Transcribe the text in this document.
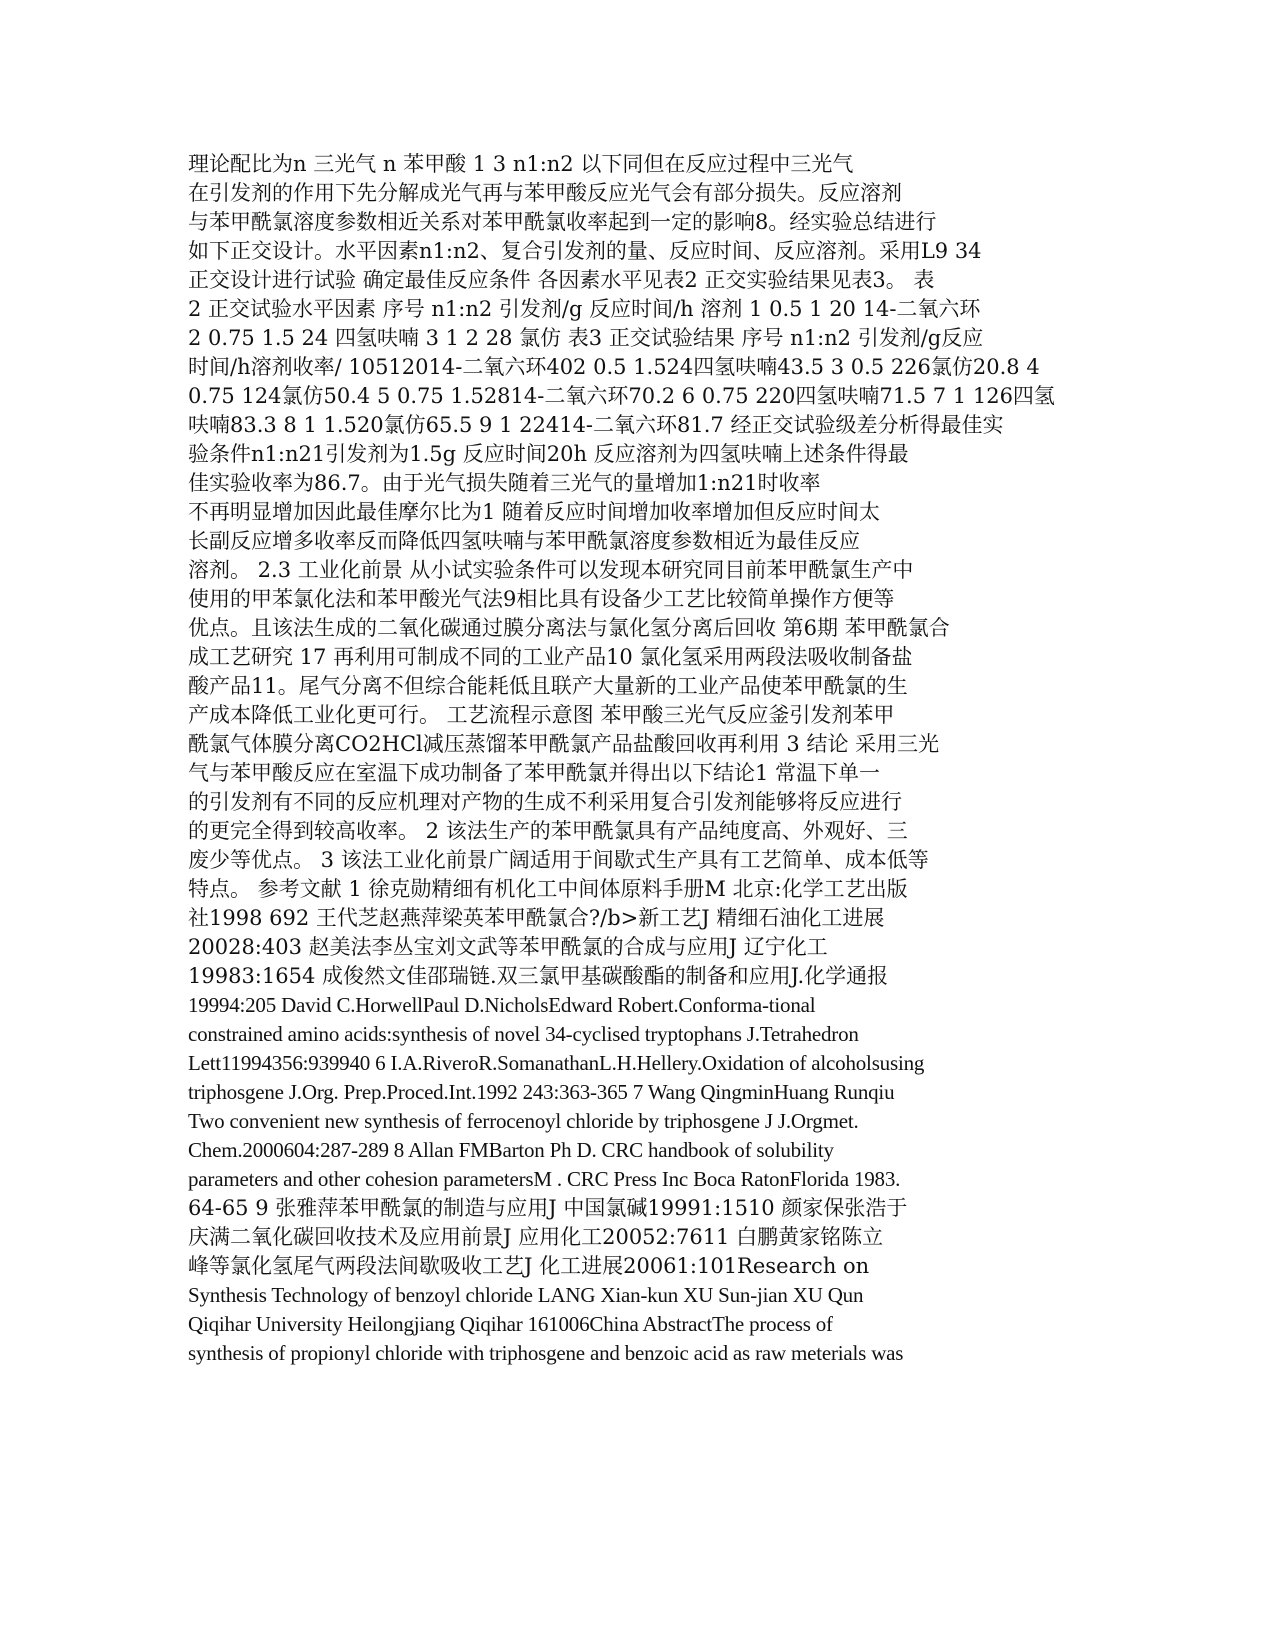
理论配比为n 三光气 n 苯甲酸 1 3 n1:n2 以下同但在反应过程中三光气
在引发剂的作用下先分解成光气再与苯甲酸反应光气会有部分损失。反应溶剂
与苯甲酰氯溶度参数相近关系对苯甲酰氯收率起到一定的影响8。经实验总结进行
如下正交设计。水平因素n1:n2、复合引发剂的量、反应时间、反应溶剂。采用L9 34
正交设计进行试验 确定最佳反应条件 各因素水平见表2 正交实验结果见表3。 表
2 正交试验水平因素 序号 n1:n2 引发剂/g 反应时间/h 溶剂 1 0.5 1 20 14-二氧六环
2 0.75 1.5 24 四氢呋喃 3 1 2 28 氯仿 表3 正交试验结果 序号 n1:n2 引发剂/g反应
时间/h溶剂收率/ 10512014-二氧六环402 0.5 1.524四氢呋喃43.5 3 0.5 226氯仿20.8 4
0.75 124氯仿50.4 5 0.75 1.52814-二氧六环70.2 6 0.75 220四氢呋喃71.5 7 1 126四氢
呋喃83.3 8 1 1.520氯仿65.5 9 1 22414-二氧六环81.7 经正交试验级差分析得最佳实
验条件n1:n21引发剂为1.5g 反应时间20h 反应溶剂为四氢呋喃上述条件得最
佳实验收率为86.7。由于光气损失随着三光气的量增加1:n21时收率
不再明显增加因此最佳摩尔比为1 随着反应时间增加收率增加但反应时间太
长副反应增多收率反而降低四氢呋喃与苯甲酰氯溶度参数相近为最佳反应
溶剂。 2.3 工业化前景 从小试实验条件可以发现本研究同目前苯甲酰氯生产中
使用的甲苯氯化法和苯甲酸光气法9相比具有设备少工艺比较简单操作方便等
优点。且该法生成的二氧化碳通过膜分离法与氯化氢分离后回收 第6期 苯甲酰氯合
成工艺研究 17 再利用可制成不同的工业产品10 氯化氢采用两段法吸收制备盐
酸产品11。尾气分离不但综合能耗低且联产大量新的工业产品使苯甲酰氯的生
产成本降低工业化更可行。 工艺流程示意图 苯甲酸三光气反应釜引发剂苯甲
酰氯气体膜分离CO2HCl减压蒸馏苯甲酰氯产品盐酸回收再利用 3 结论 采用三光
气与苯甲酸反应在室温下成功制备了苯甲酰氯并得出以下结论1 常温下单一
的引发剂有不同的反应机理对产物的生成不利采用复合引发剂能够将反应进行
的更完全得到较高收率。 2 该法生产的苯甲酰氯具有产品纯度高、外观好、三
废少等优点。 3 该法工业化前景广阔适用于间歇式生产具有工艺简单、成本低等
特点。 参考文献 1 徐克勋精细有机化工中间体原料手册M 北京:化学工艺出版
社1998 692 王代芝赵燕萍梁英苯甲酰氯合?/b>新工艺J 精细石油化工进展
20028:403 赵美法李丛宝刘文武等苯甲酰氯的合成与应用J 辽宁化工
19983:1654 成俊然文佳邵瑞链.双三氯甲基碳酸酯的制备和应用J.化学通报
19994:205 David C.HorwellPaul D.NicholsEdward Robert.Conforma-tional
constrained amino acids:synthesis of novel 34-cyclised tryptophans J.Tetrahedron
Lett11994356:939940 6 I.A.RiveroR.SomanathanL.H.Hellery.Oxidation of alcoholsusing
triphosgene J.Org. Prep.Proced.Int.1992 243:363-365 7 Wang QingminHuang Runqiu
Two convenient new synthesis of ferrocenoyl chloride by triphosgene J J.Orgmet.
Chem.2000604:287-289 8 Allan FMBarton Ph D. CRC handbook of solubility
parameters and other cohesion parametersM . CRC Press Inc Boca RatonFlorida 1983.
64-65 9 张雅萍苯甲酰氯的制造与应用J 中国氯碱19991:1510 颜家保张浩于
庆满二氧化碳回收技术及应用前景J 应用化工20052:7611 白鹏黄家铭陈立
峰等氯化氢尾气两段法间歇吸收工艺J 化工进展20061:101Research on
Synthesis Technology of benzoyl chloride LANG Xian-kun XU Sun-jian XU Qun
Qiqihar University Heilongjiang Qiqihar 161006China AbstractThe process of
synthesis of propionyl chloride with triphosgene and benzoic acid as raw meterials was
